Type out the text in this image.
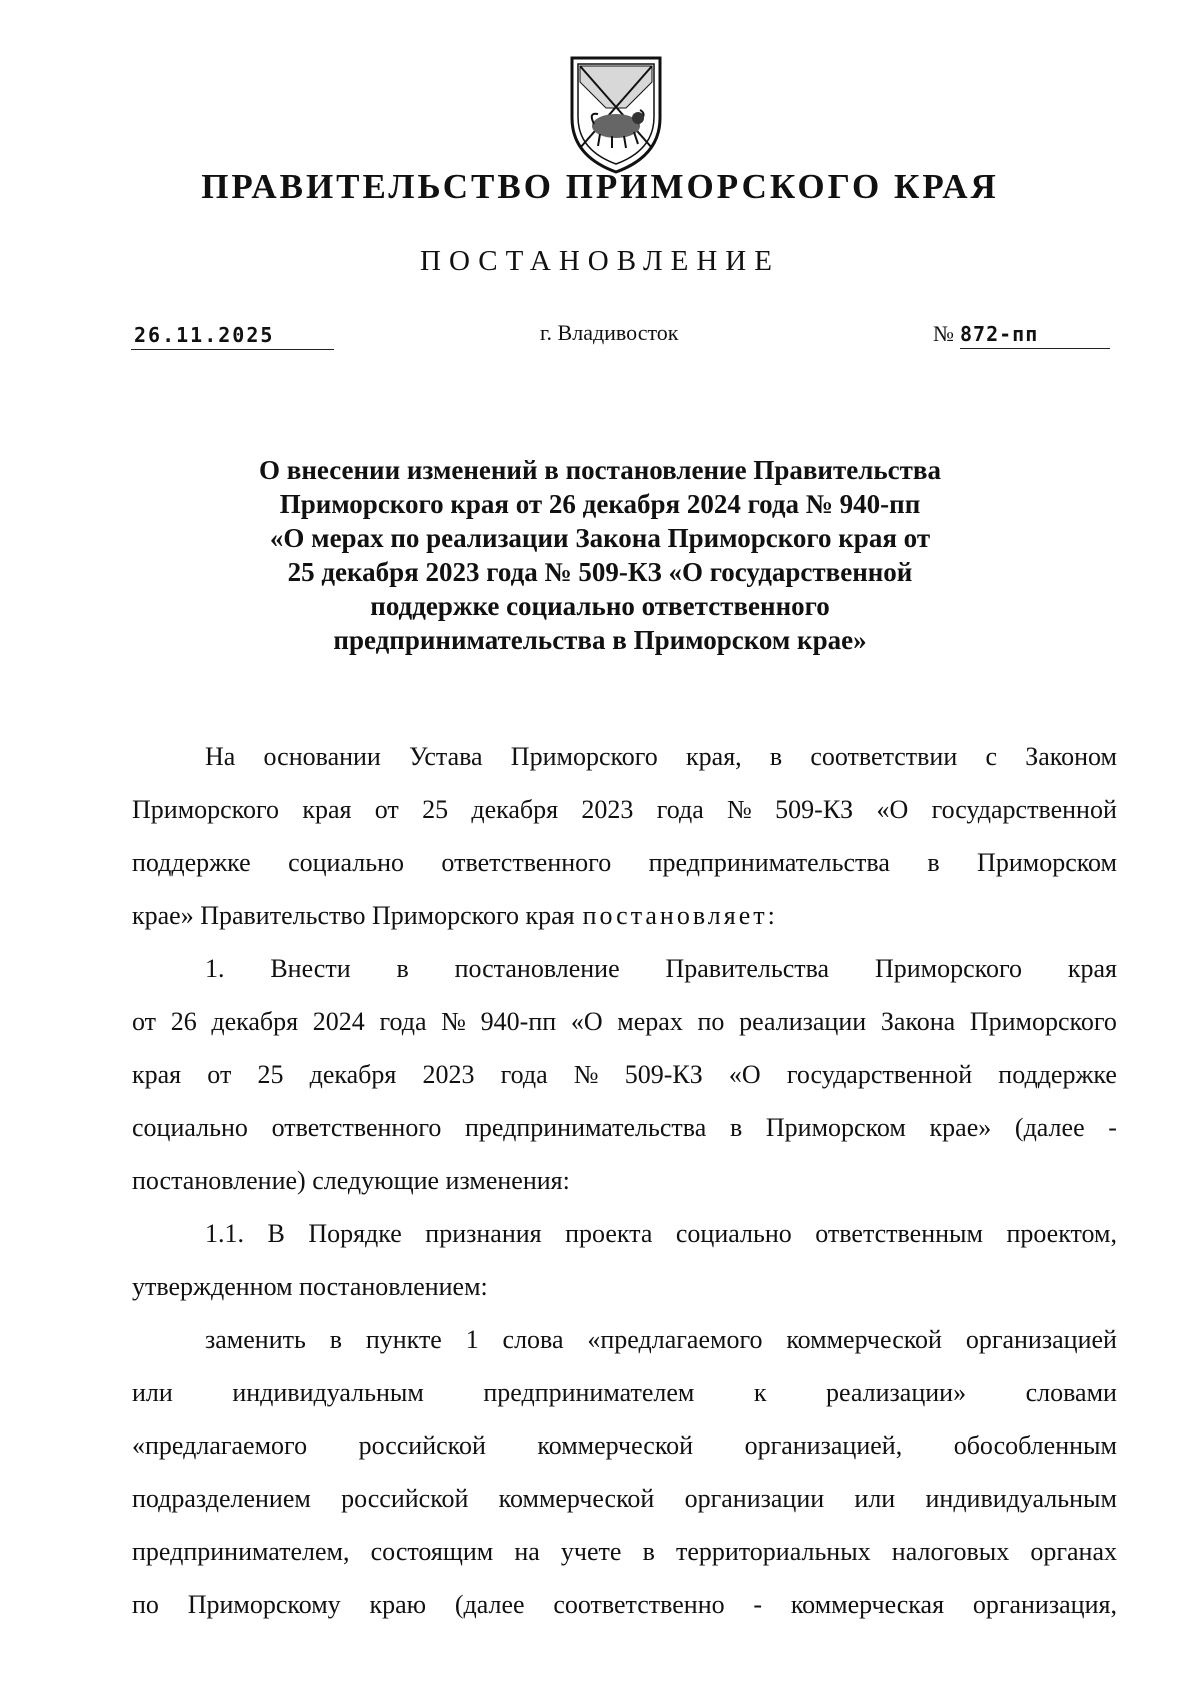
ПРАВИТЕЛЬСТВО ПРИМОРСКОГО КРАЯ
ПОСТАНОВЛЕНИЕ
26.11.2025	г. Владивосток	№ 872-пп
О внесении изменений в постановление Правительства
Приморского края от 26 декабря 2024 года № 940-пп
«О мерах по реализации Закона Приморского края от
25 декабря 2023 года № 509-КЗ «О государственной
поддержке социально ответственного
предпринимательства в Приморском крае»
На основании Устава Приморского края, в соответствии с Законом
Приморского края от 25 декабря 2023 года № 509-КЗ «О государственной
поддержке социально ответственного предпринимательства в Приморском
крае» Правительство Приморского края постановляет:
1. Внести в постановление Правительства Приморского края
от 26 декабря 2024 года № 940-пп «О мерах по реализации Закона Приморского
края от 25 декабря 2023 года № 509-КЗ «О государственной поддержке
социально ответственного предпринимательства в Приморском крае» (далее -
постановление) следующие изменения:
1.1. В Порядке признания проекта социально ответственным проектом,
утвержденном постановлением:
заменить в пункте 1 слова «предлагаемого коммерческой организацией
или индивидуальным предпринимателем к реализации» словами
«предлагаемого российской коммерческой организацией, обособленным
подразделением российской коммерческой организации или индивидуальным
предпринимателем, состоящим на учете в территориальных налоговых органах
по Приморскому краю (далее соответственно - коммерческая организация,
